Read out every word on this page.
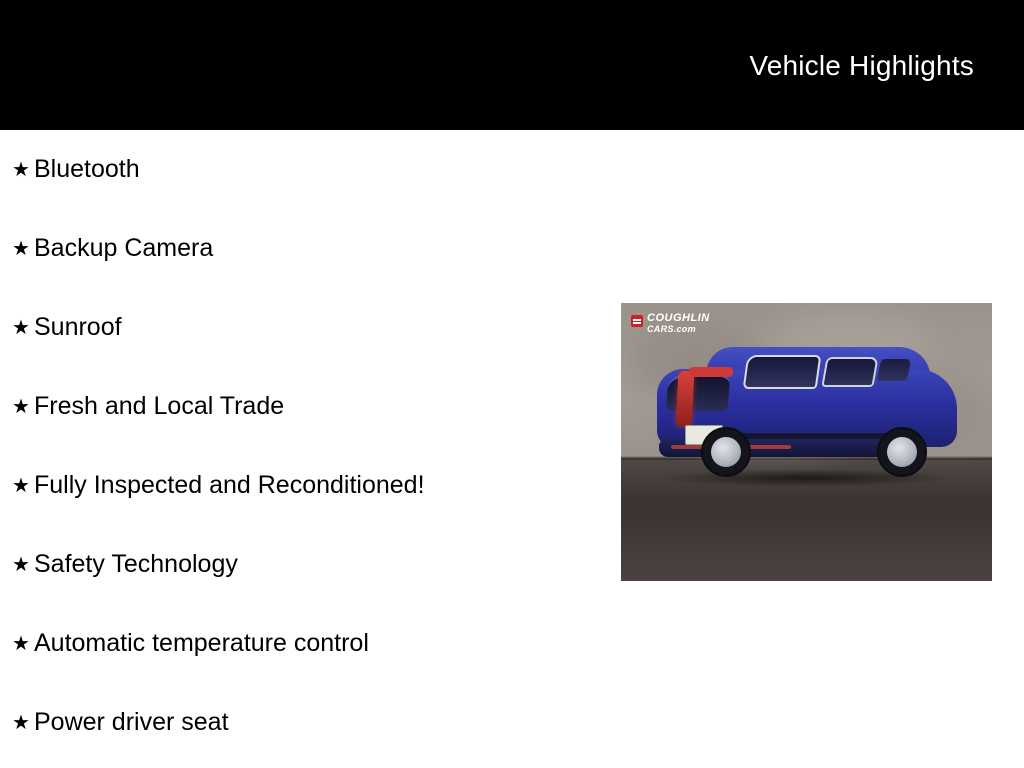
Vehicle Highlights
★ Bluetooth
★ Backup Camera
★ Sunroof
★ Fresh and Local Trade
★ Fully Inspected and Reconditioned!
★ Safety Technology
★ Automatic temperature control
★ Power driver seat
COUGHLIN
CARS.com
